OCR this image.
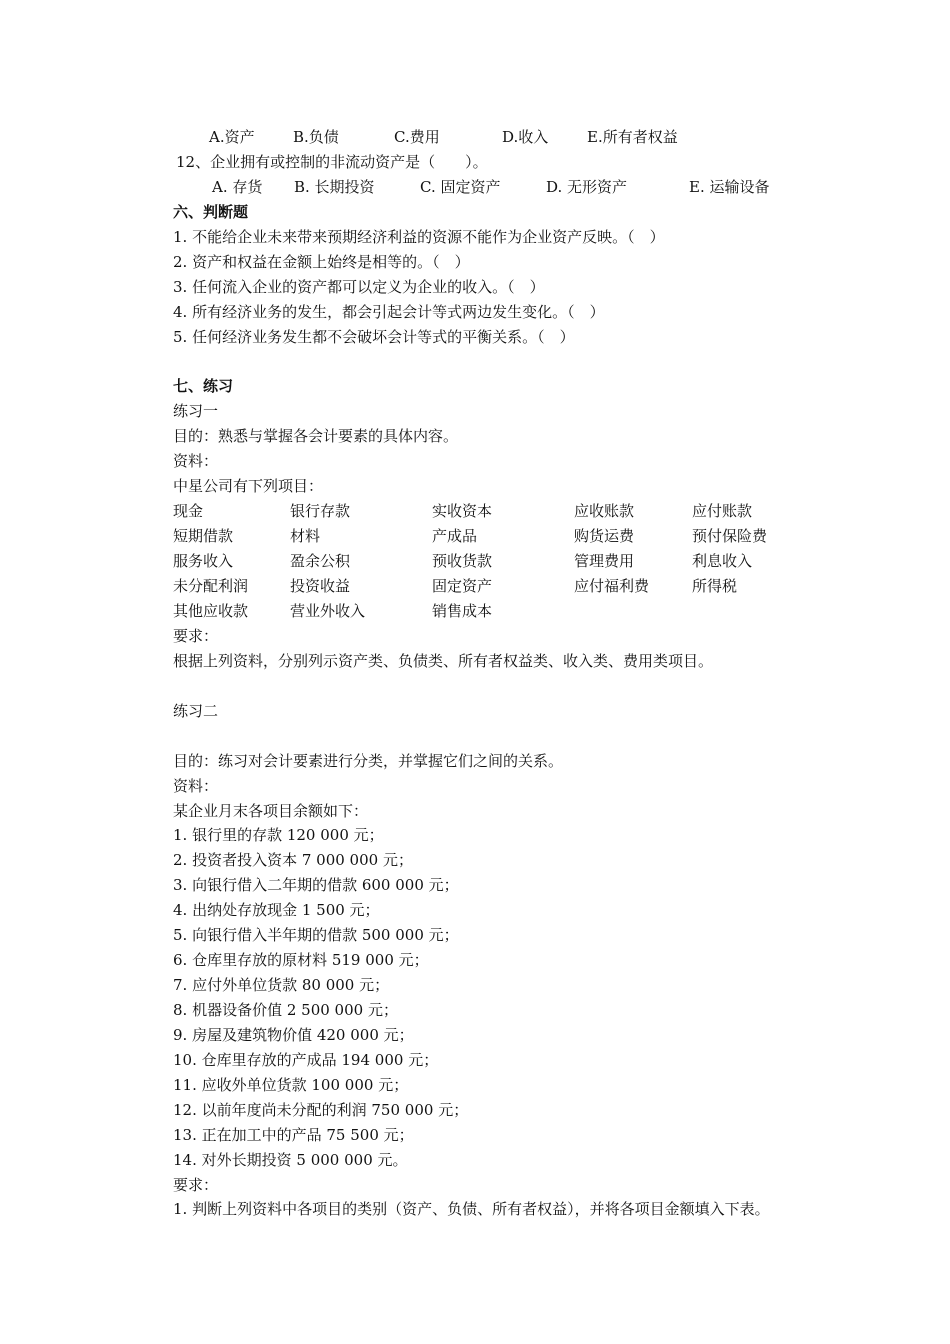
A.资产	B.负债	C.费用	D.收入	E.所有者权益
12、企业拥有或控制的非流动资产是（　　）。
A. 存货 B. 长期投资	C. 固定资产	D. 无形资产	E. 运输设备
六、判断题
1. 不能给企业未来带来预期经济利益的资源不能作为企业资产反映。（　）
2. 资产和权益在金额上始终是相等的。（　）
3. 任何流入企业的资产都可以定义为企业的收入。（　）
4. 所有经济业务的发生，都会引起会计等式两边发生变化。（　）
5. 任何经济业务发生都不会破坏会计等式的平衡关系。（　）
七、练习
练习一
目的：熟悉与掌握各会计要素的具体内容。
资料：
中星公司有下列项目：
现金	银行存款	实收资本	应收账款	应付账款
短期借款	材料	产成品	购货运费	预付保险费
服务收入	盈余公积	预收货款	管理费用	利息收入
未分配利润	投资收益	固定资产	应付福利费	所得税
其他应收款	营业外收入	销售成本
要求：
根据上列资料，分别列示资产类、负债类、所有者权益类、收入类、费用类项目。
练习二
目的：练习对会计要素进行分类，并掌握它们之间的关系。
资料：
某企业月末各项目余额如下：
1. 银行里的存款 120 000 元；
2. 投资者投入资本 7 000 000 元；
3. 向银行借入二年期的借款 600 000 元；
4. 出纳处存放现金 1 500 元；
5. 向银行借入半年期的借款 500 000 元；
6. 仓库里存放的原材料 519 000 元；
7. 应付外单位货款 80 000 元；
8. 机器设备价值 2 500 000 元；
9. 房屋及建筑物价值 420 000 元；
10. 仓库里存放的产成品 194 000 元；
11. 应收外单位货款 100 000 元；
12. 以前年度尚未分配的利润 750 000 元；
13. 正在加工中的产品 75 500 元；
14. 对外长期投资 5 000 000 元。
要求：
1. 判断上列资料中各项目的类别（资产、负债、所有者权益），并将各项目金额填入下表。
